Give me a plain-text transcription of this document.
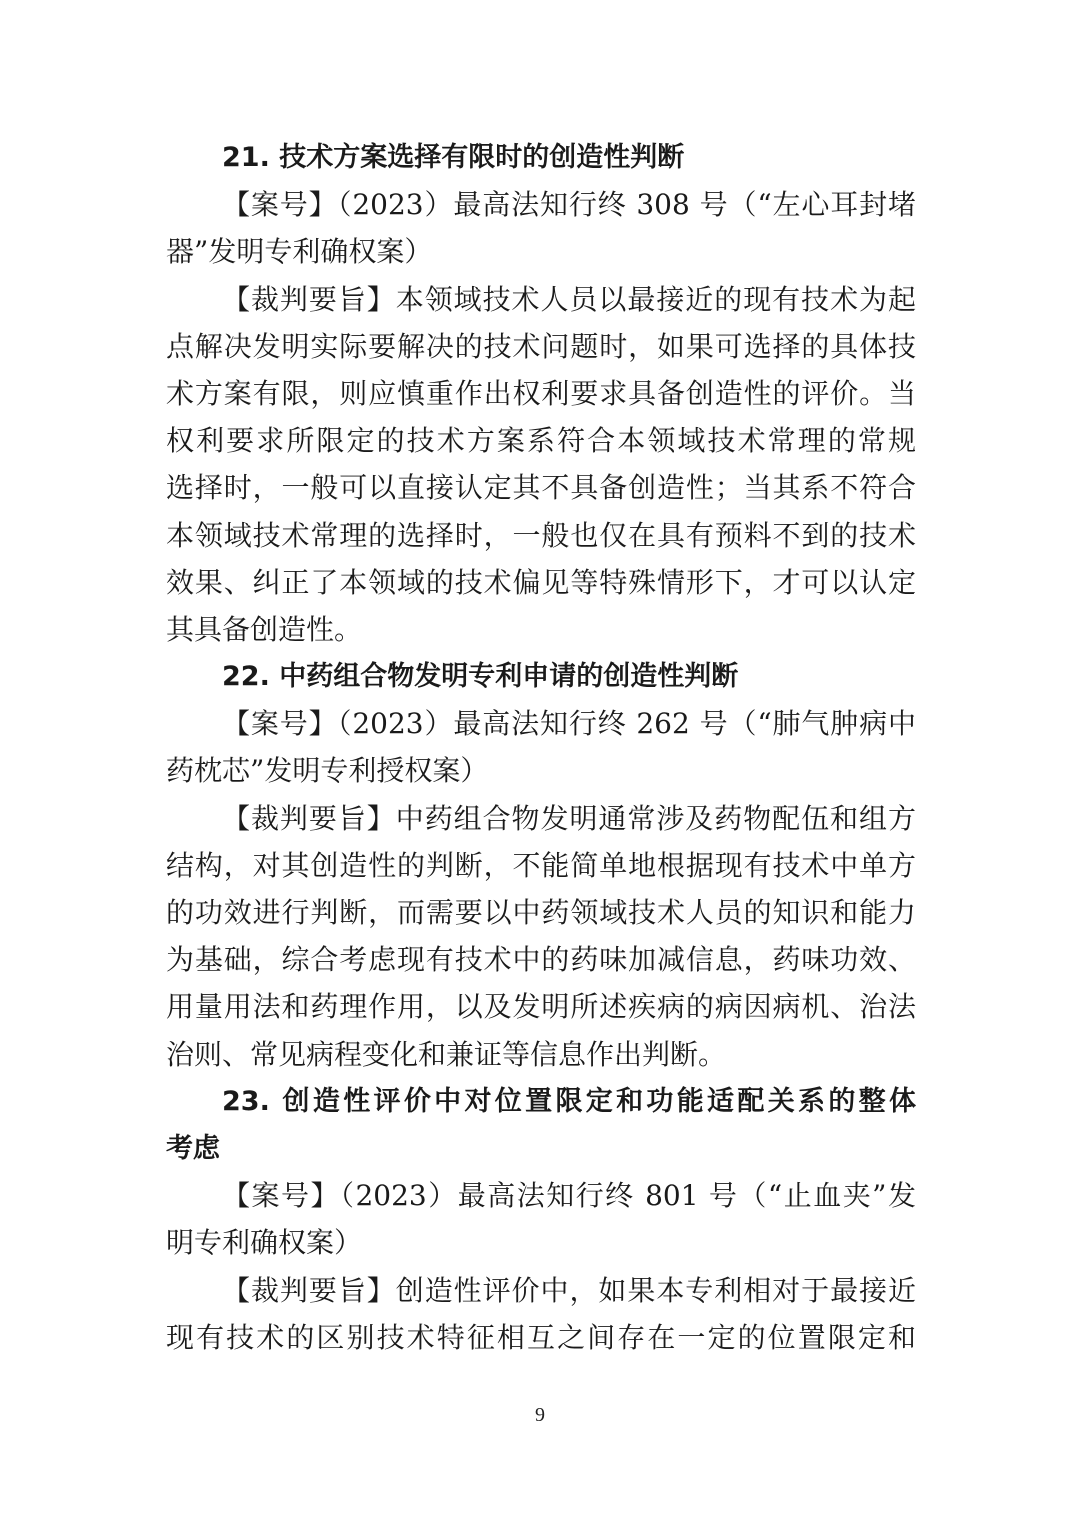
21. 技术方案选择有限时的创造性判断
【案号】（2023）最高法知行终 308 号（“左心耳封堵
器”发明专利确权案）
【裁判要旨】本领域技术人员以最接近的现有技术为起
点解决发明实际要解决的技术问题时，如果可选择的具体技
术方案有限，则应慎重作出权利要求具备创造性的评价。当
权利要求所限定的技术方案系符合本领域技术常理的常规
选择时，一般可以直接认定其不具备创造性；当其系不符合
本领域技术常理的选择时，一般也仅在具有预料不到的技术
效果、纠正了本领域的技术偏见等特殊情形下，才可以认定
其具备创造性。
22. 中药组合物发明专利申请的创造性判断
【案号】（2023）最高法知行终 262 号（“肺气肿病中
药枕芯”发明专利授权案）
【裁判要旨】中药组合物发明通常涉及药物配伍和组方
结构，对其创造性的判断，不能简单地根据现有技术中单方
的功效进行判断，而需要以中药领域技术人员的知识和能力
为基础，综合考虑现有技术中的药味加减信息，药味功效、
用量用法和药理作用，以及发明所述疾病的病因病机、治法
治则、常见病程变化和兼证等信息作出判断。
23. 创造性评价中对位置限定和功能适配关系的整体
考虑
【案号】（2023）最高法知行终 801 号（“止血夹”发
明专利确权案）
【裁判要旨】创造性评价中，如果本专利相对于最接近
现有技术的区别技术特征相互之间存在一定的位置限定和
9
